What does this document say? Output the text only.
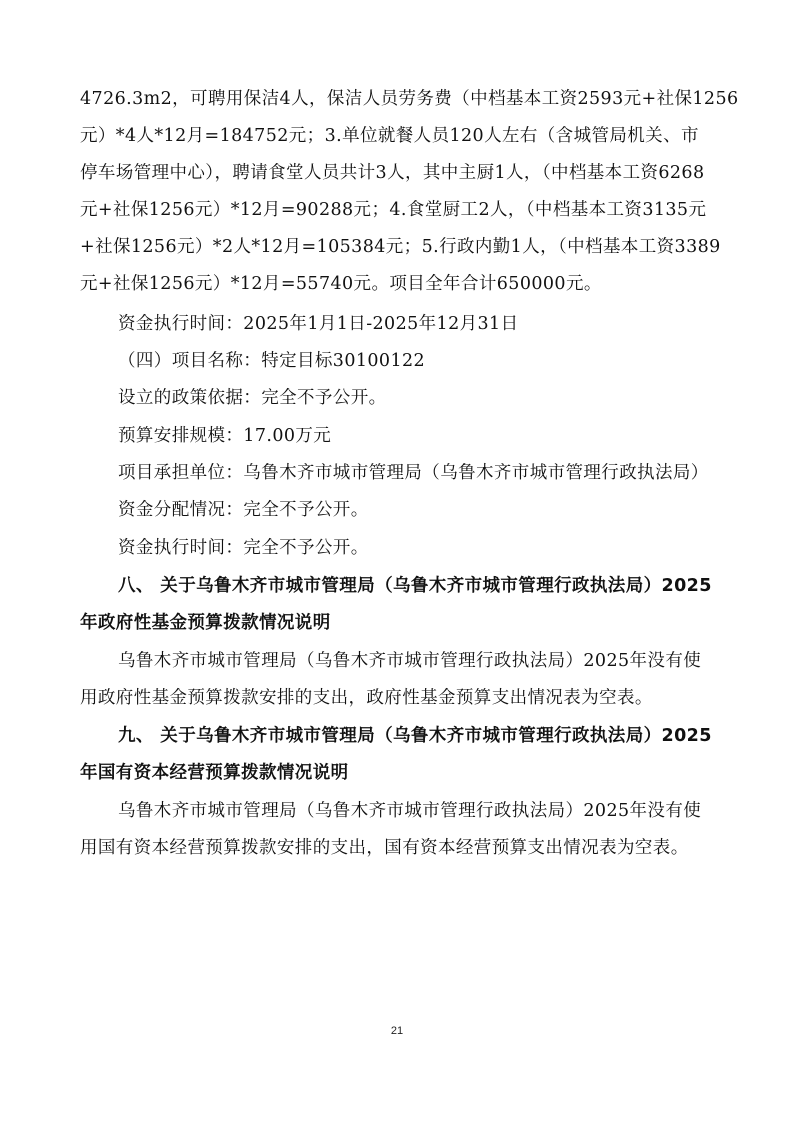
4726.3m2，可聘用保洁4人，保洁人员劳务费（中档基本工资2593元+社保1256
元）*4人*12月=184752元；3.单位就餐人员120人左右（含城管局机关、市
停车场管理中心），聘请食堂人员共计3人，其中主厨1人，（中档基本工资6268
元+社保1256元）*12月=90288元；4.食堂厨工2人，（中档基本工资3135元
+社保1256元）*2人*12月=105384元；5.行政内勤1人，（中档基本工资3389
元+社保1256元）*12月=55740元。项目全年合计650000元。
资金执行时间：2025年1月1日-2025年12月31日
（四）项目名称：特定目标30100122
设立的政策依据：完全不予公开。
预算安排规模：17.00万元
项目承担单位：乌鲁木齐市城市管理局（乌鲁木齐市城市管理行政执法局）
资金分配情况：完全不予公开。
资金执行时间：完全不予公开。
八、 关于乌鲁木齐市城市管理局（乌鲁木齐市城市管理行政执法局）2025
年政府性基金预算拨款情况说明
乌鲁木齐市城市管理局（乌鲁木齐市城市管理行政执法局）2025年没有使
用政府性基金预算拨款安排的支出，政府性基金预算支出情况表为空表。
九、 关于乌鲁木齐市城市管理局（乌鲁木齐市城市管理行政执法局）2025
年国有资本经营预算拨款情况说明
乌鲁木齐市城市管理局（乌鲁木齐市城市管理行政执法局）2025年没有使
用国有资本经营预算拨款安排的支出，国有资本经营预算支出情况表为空表。
21
